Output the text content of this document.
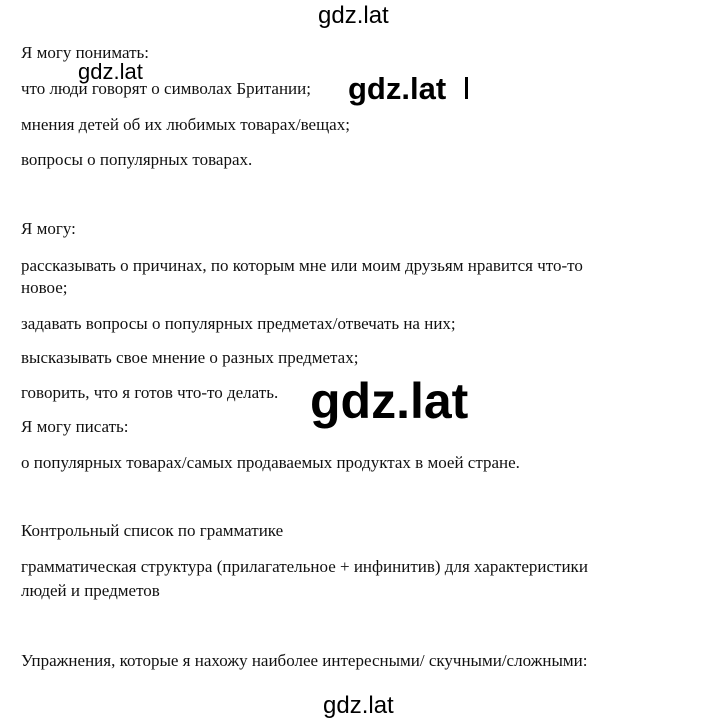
Я могу понимать:

что люди говорят о символах Британии;

мнения детей об их любимых товарах/вещах;

вопросы о популярных товарах.

Я могу:

рассказывать о причинах, по которым мне или моим друзьям нравится что-то

новое;

задавать вопросы о популярных предметах/отвечать на них;

высказывать свое мнение о разных предметах;

говорить, что я готов что-то делать.

Я могу писать:

о популярных товарах/самых продаваемых продуктах в моей стране.

Контрольный список по грамматике

грамматическая структура (прилагательное + инфинитив) для характеристики

людей и предметов

Упражнения, которые я нахожу наиболее интересными/ скучными/сложными:

gdz.lat
gdz.lat	gdz.lat
gdz.lat
gdz.lat
